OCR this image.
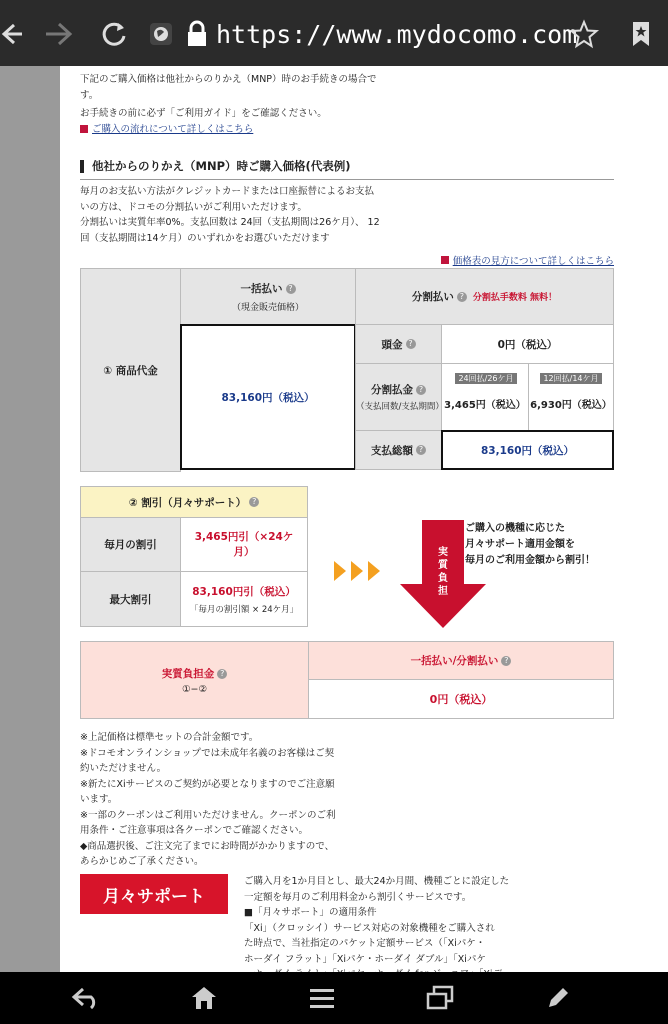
https://www.mydocomo.com
下記のご購入価格は他社からのりかえ（MNP）時のお手続きの場合で
す。
お手続きの前に必ず「ご利用ガイド」をご確認ください。
ご購入の流れについて詳しくはこちら
他社からのりかえ（MNP）時ご購入価格(代表例)
毎月のお支払い方法がクレジットカードまたは口座振替によるお支払
いの方は、ドコモの分割払いがご利用いただけます。
分割払いは実質年率0%。支払回数は 24回（支払期間は26ケ月）、 12
回（支払期間は14ケ月）のいずれかをお選びいただけます
価格表の見方について詳しくはこちら
① 商品代金
一括払い ?
（現金販売価格）
分割払い ? 分割払手数料 無料！
83,160円（税込）
頭金 ?	0円（税込）
分割払金 ?
（支払回数/支払期間） 3,465円（税込）
24回払/26ケ月
6,930円（税込）
12回払/14ケ月
支払総額 ?	83,160円（税込）
② 割引（月々サポート） ?
毎月の割引
3,465円引（×24ケ月）
最大割引
83,160円引（税込）
「毎月の割引額 × 24ケ月」
実質負担
ご購入の機種に応じた
月々サポート適用金額を
毎月のご利用金額から割引！
実質負担金 ?
①−②
一括払い/分割払い ?
0円（税込）
※上記価格は標準セットの合計金額です。
※ドコモオンラインショップでは未成年名義のお客様はご契
約いただけません。
※新たにXiサービスのご契約が必要となりますのでご注意願
います。
※一部のクーポンはご利用いただけません。クーポンのご利
用条件・ご注意事項は各クーポンでご確認ください。
◆商品選択後、ご注文完了までにお時間がかかりますので、
あらかじめご了承ください。
月々サポート
ご購入月を1か月目とし、最大24か月間、機種ごとに設定した
一定額を毎月のご利用料金から割引くサービスです。
■「月々サポート」の適用条件
「Xi」（クロッシイ）サービス対応の対象機種をご購入され
た時点で、当社指定のパケット定額サービス（「Xiパケ・
ホーダイ フラット」「Xiパケ・ホーダイ ダブル」「Xiパケ
